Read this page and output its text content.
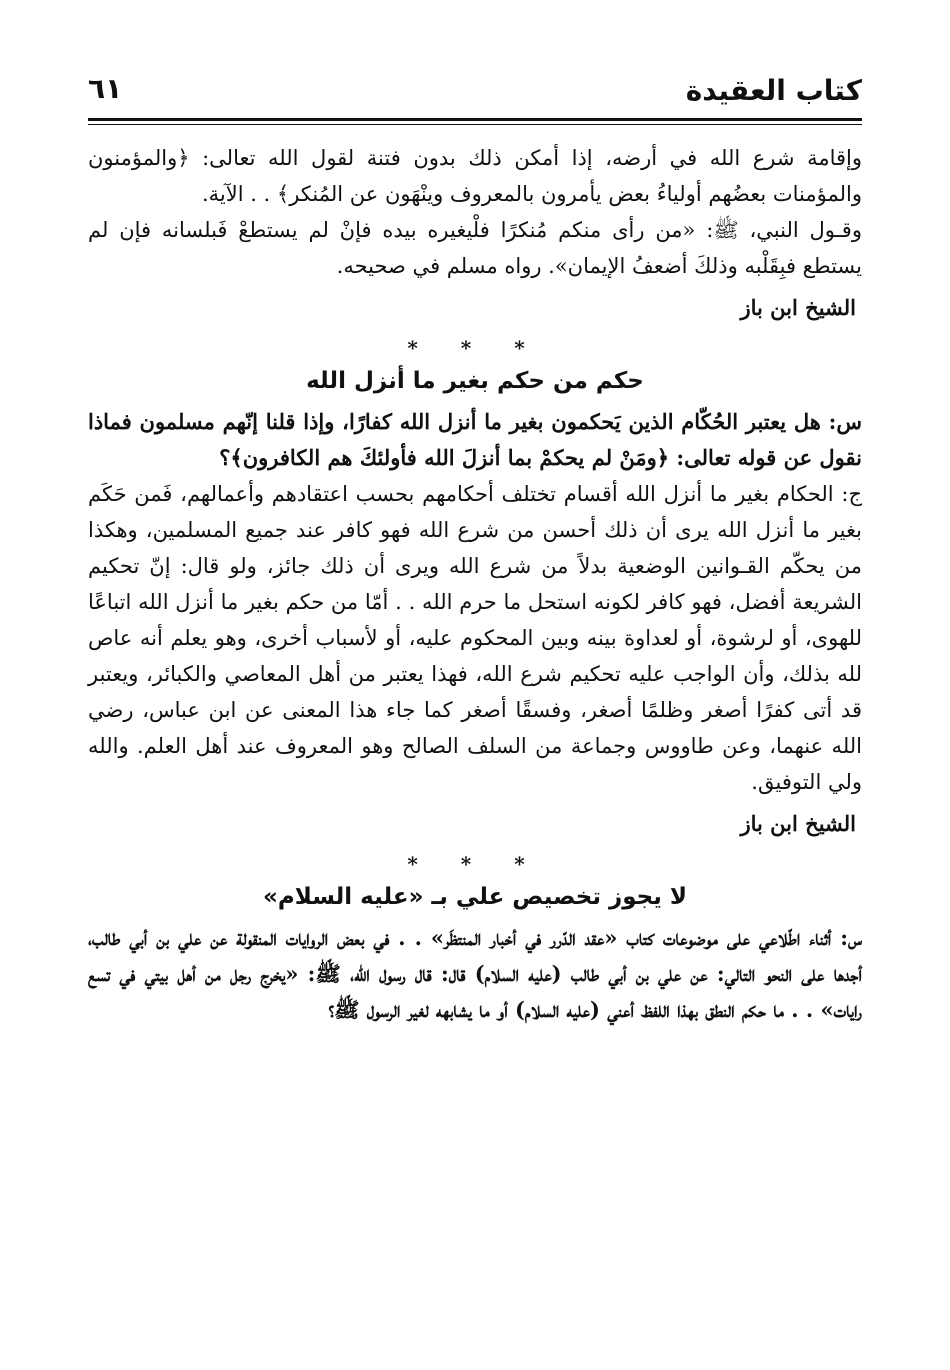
كتاب العقيدة
٦١

وإقامة شرع الله في أرضه، إذا أمكن ذلك بدون فتنة لقول الله تعالى: ﴿والمؤمنون والمؤمنات بعضُهم أولياءُ بعض يأمرون بالمعروف وينْهَون عن المُنكر﴾ . . الآية.

وقـول النبي، ﷺ: «من رأى منكم مُنكرًا فلْيغيره بيده فإنْ لم يستطعْ فَبلسانه فإن لم يستطع فبِقَلْبه وذلكَ أضعفُ الإيمان». رواه مسلم في صحيحه.

الشيخ ابن باز
* * *
حكم من حكم بغير ما أنزل الله

س: هل يعتبر الحُكّام الذين يَحكمون بغير ما أنزل الله كفارًا، وإذا قلنا إنّهم مسلمون فماذا نقول عن قوله تعالى: ﴿ومَنْ لم يحكمْ بما أنزلَ الله فأولئكَ هم الكافرون﴾؟

ج: الحكام بغير ما أنزل الله أقسام تختلف أحكامهم بحسب اعتقادهم وأعمالهم، فَمن حَكَم بغير ما أنزل الله يرى أن ذلك أحسن من شرع الله فهو كافر عند جميع المسلمين، وهكذا من يحكّم القـوانين الوضعية بدلاً من شرع الله ويرى أن ذلك جائز، ولو قال: إنّ تحكيم الشريعة أفضل، فهو كافر لكونه استحل ما حرم الله . . أمّا من حكم بغير ما أنزل الله اتباعًا للهوى، أو لرشوة، أو لعداوة بينه وبين المحكوم عليه، أو لأسباب أخرى، وهو يعلم أنه عاص لله بذلك، وأن الواجب عليه تحكيم شرع الله، فهذا يعتبر من أهل المعاصي والكبائر، ويعتبر قد أتى كفرًا أصغر وظلمًا أصغر، وفسقًا أصغر كما جاء هذا المعنى عن ابن عباس، رضي الله عنهما، وعن طاووس وجماعة من السلف الصالح وهو المعروف عند أهل العلم. والله ولي التوفيق.

الشيخ ابن باز
* * *
لا يجوز تخصيص علي بـ «عليه السلام»

س: أثناء اطّلاعي على موضوعات كتاب «عقد الدّرر في أخبار المنتظَر» . . في بعض الروايات المنقولة عن علي بن أبي طالب، أجدها على النحو التالي: عن علي بن أبي طالب (عليه السلام) قال: قال رسول الله، ﷺ: «يخرج رجل من أهل بيتي في تسع رايات» . . ما حكم النطق بهذا اللفظ أعني (عليه السلام) أو ما يشابهه لغير الرسول ﷺ؟
